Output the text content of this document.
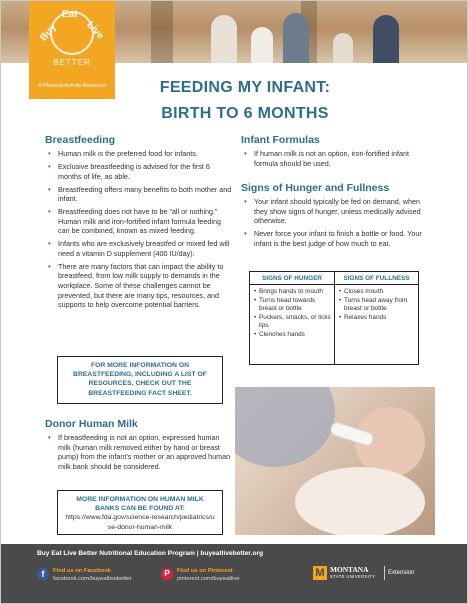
Buy
Eat
Live
BETTER
A Physical Activity Resource	FEEDING MY INFANT:
BIRTH TO 6 MONTHS
Breastfeeding
• Human milk is the preferred food for infants.
• Exclusive breastfeeding is advised for the first 6 months of life, as able.
• Breastfeeding offers many benefits to both mother and infant.
• Breastfeeding does not have to be “all or nothing.” Human milk and iron-fortified infant formula feeding can be combined, known as mixed feeding.
• Infants who are exclusively breastfed or mixed fed will need a vitamin D supplement (400 IU/day).
• There are many factors that can impact the ability to breastfeed, from low milk supply to demands in the workplace. Some of these challenges cannot be prevented, but there are many tips, resources, and supports to help overcome potential barriers.
FOR MORE INFORMATION ON BREASTFEEDING, INCLUDING A LIST OF RESOURCES, CHECK OUT THE BREASTFEEDING FACT SHEET.
Donor Human Milk
• If breastfeeding is not an option, expressed human milk (human milk removed either by hand or breast pump) from the infant’s mother or an approved human milk bank should be considered.
MORE INFORMATION ON HUMAN MILK BANKS CAN BE FOUND AT:
https://www.fda.gov/science-research/pediatrics/use-donor-human-milk
Infant Formulas
• If human milk is not an option, iron-fortified infant formula should be used.
Signs of Hunger and Fullness
• Your infant should typically be fed on demand, when they show signs of hunger, unless medically advised otherwise.
• Never force your infant to finish a bottle or food. Your infant is the best judge of how much to eat.
SIGNS OF HUNGER
• Brings hands to mouth
• Turns head towards breast or bottle
• Puckers, smacks, or licks lips
• Clenches hands
SIGNS OF FULLNESS
• Closes mouth
• Turns head away from breast or bottle
• Relaxes hands
Buy Eat Live Better Nutritional Education Program | buyeatlivebetter.org
f	Find us on Facebook
facebook.com/buyeatlivebetter
P	Find us on Pinterest
pinterest.com/buyeatlive	M MONTANA
STATE UNIVERSITY
Extension
